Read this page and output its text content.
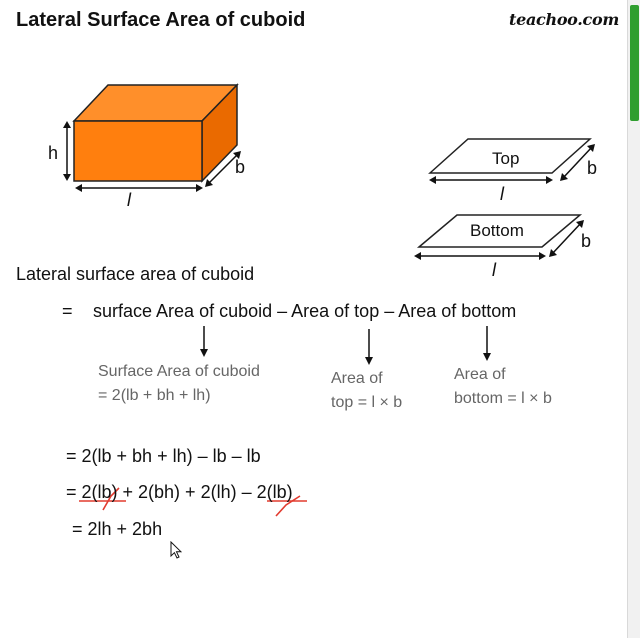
Lateral Surface Area of cuboid	teachoo.com
h
l
b	Top
l
b
Bottom
l
b
Lateral surface area of cuboid
= surface Area of cuboid – Area of top – Area of bottom
Surface Area of cuboid
= 2(lb + bh + lh)
Area of
top = l × b
Area of
bottom = l × b
= 2(lb + bh + lh) – lb – lb
= 2(lb) + 2(bh) + 2(lh) – 2(lb)
= 2lh + 2bh
